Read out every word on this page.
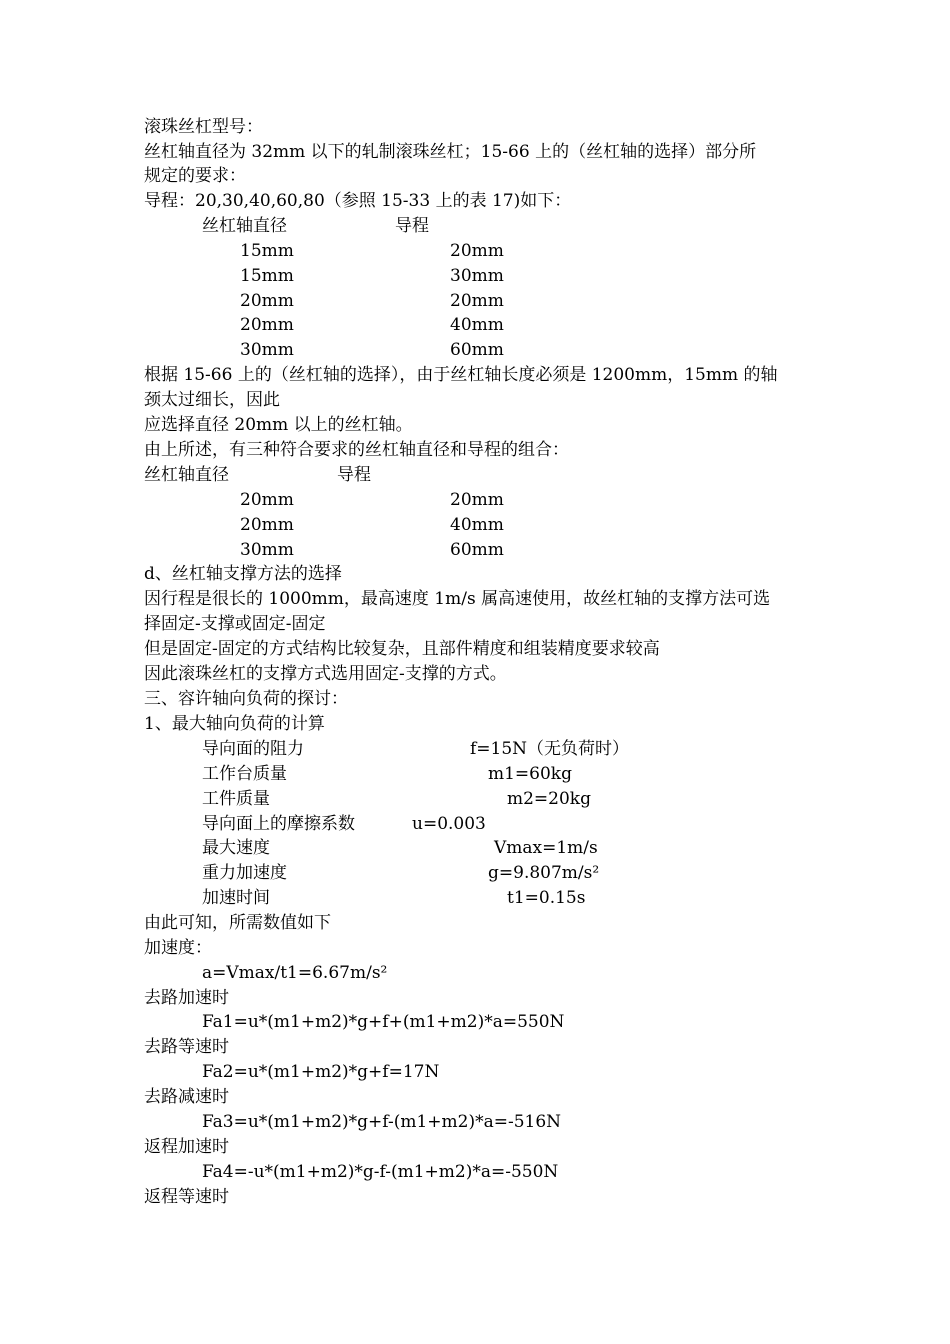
滚珠丝杠型号：
丝杠轴直径为 32mm 以下的轧制滚珠丝杠；15-66 上的（丝杠轴的选择）部分所
规定的要求：
导程：20,30,40,60,80（参照 15-33 上的表 17)如下：
丝杠轴直径	导程
15mm	20mm
15mm	30mm
20mm	20mm
20mm	40mm
30mm	60mm
根据 15-66 上的（丝杠轴的选择），由于丝杠轴长度必须是 1200mm，15mm 的轴
颈太过细长，因此
应选择直径 20mm 以上的丝杠轴。
由上所述，有三种符合要求的丝杠轴直径和导程的组合：
丝杠轴直径	导程
20mm	20mm
20mm	40mm
30mm	60mm
d、丝杠轴支撑方法的选择
因行程是很长的 1000mm，最高速度 1m/s 属高速使用，故丝杠轴的支撑方法可选
择固定-支撑或固定-固定
但是固定-固定的方式结构比较复杂，且部件精度和组装精度要求较高
因此滚珠丝杠的支撑方式选用固定-支撑的方式。
三、容许轴向负荷的探讨：
1、最大轴向负荷的计算
导向面的阻力	f=15N（无负荷时）
工作台质量	m1=60kg
工件质量	m2=20kg
导向面上的摩擦系数	u=0.003
最大速度	Vmax=1m/s
重力加速度	g=9.807m/s²
加速时间	t1=0.15s
由此可知，所需数值如下
加速度：
a=Vmax/t1=6.67m/s²
去路加速时
Fa1=u*(m1+m2)*g+f+(m1+m2)*a=550N
去路等速时
Fa2=u*(m1+m2)*g+f=17N
去路减速时
Fa3=u*(m1+m2)*g+f-(m1+m2)*a=-516N
返程加速时
Fa4=-u*(m1+m2)*g-f-(m1+m2)*a=-550N
返程等速时
